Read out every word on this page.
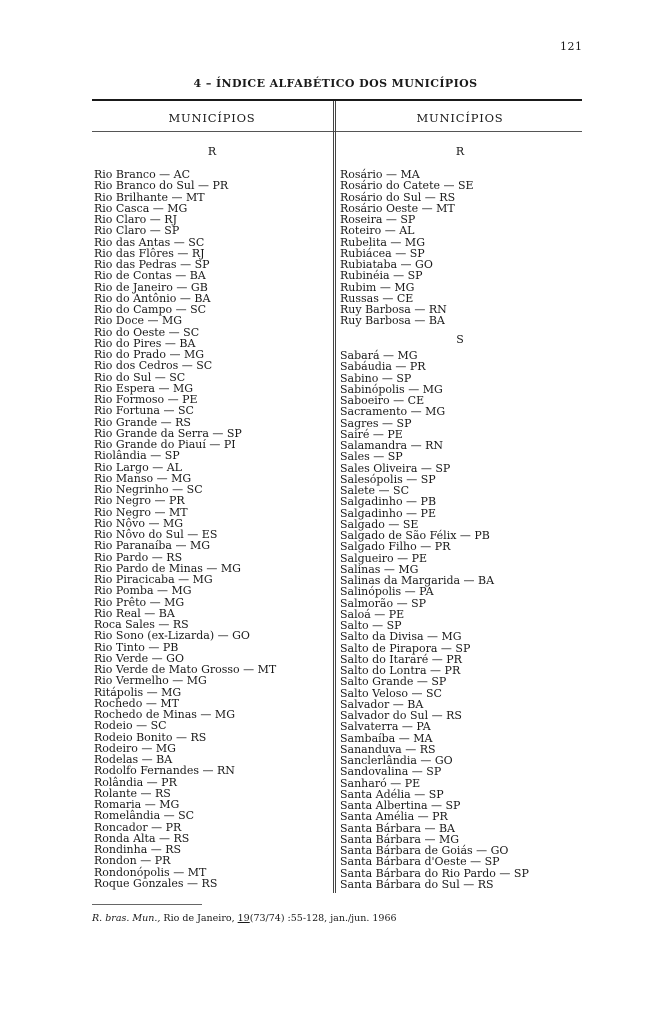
121
4 – ÍNDICE ALFABÉTICO DOS MUNICÍPIOS
MUNICÍPIOS	MUNICÍPIOS
R	R
S
Rio Branco — AC
Rio Branco do Sul — PR
Rio Brilhante — MT
Rio Casca — MG
Rio Claro — RJ
Rio Claro — SP
Rio das Antas — SC
Rio das Flôres — RJ
Rio das Pedras — SP
Rio de Contas — BA
Rio de Janeiro — GB
Rio do Antônio — BA
Rio do Campo — SC
Rio Doce — MG
Rio do Oeste — SC
Rio do Pires — BA
Rio do Prado — MG
Rio dos Cedros — SC
Rio do Sul — SC
Rio Espera — MG
Rio Formoso — PE
Rio Fortuna — SC
Rio Grande — RS
Rio Grande da Serra — SP
Rio Grande do Piauí — PI
Riolândia — SP
Rio Largo — AL
Rio Manso — MG
Rio Negrinho — SC
Rio Negro — PR
Rio Negro — MT
Rio Nôvo — MG
Rio Nôvo do Sul — ES
Rio Paranaíba — MG
Rio Pardo — RS
Rio Pardo de Minas — MG
Rio Piracicaba — MG
Rio Pomba — MG
Rio Prêto — MG
Rio Real — BA
Roca Sales — RS
Rio Sono (ex-Lizarda) — GO
Rio Tinto — PB
Rio Verde — GO
Rio Verde de Mato Grosso — MT
Rio Vermelho — MG
Ritápolis — MG
Rochedo — MT
Rochedo de Minas — MG
Rodeio — SC
Rodeio Bonito — RS
Rodeiro — MG
Rodelas — BA
Rodolfo Fernandes — RN
Rolândia — PR
Rolante — RS
Romaria — MG
Romelândia — SC
Roncador — PR
Ronda Alta — RS
Rondinha — RS
Rondon — PR
Rondonópolis — MT
Roque Gonzales — RS
Rosário — MA
Rosário do Catete — SE
Rosário do Sul — RS
Rosário Oeste — MT
Roseira — SP
Roteiro — AL
Rubelita — MG
Rubiácea — SP
Rubiataba — GO
Rubinéia — SP
Rubim — MG
Russas — CE
Ruy Barbosa — RN
Ruy Barbosa — BA
Sabará — MG
Sabáudia — PR
Sabino — SP
Sabinópolis — MG
Saboeiro — CE
Sacramento — MG
Sagres — SP
Sairé — PE
Salamandra — RN
Sales — SP
Sales Oliveira — SP
Salesópolis — SP
Salete — SC
Salgadinho — PB
Salgadinho — PE
Salgado — SE
Salgado de São Félix — PB
Salgado Filho — PR
Salgueiro — PE
Salinas — MG
Salinas da Margarida — BA
Salinópolis — PA
Salmorão — SP
Saloá — PE
Salto — SP
Salto da Divisa — MG
Salto de Pirapora — SP
Salto do Itararé — PR
Salto do Lontra — PR
Salto Grande — SP
Salto Veloso — SC
Salvador — BA
Salvador do Sul — RS
Salvaterra — PA
Sambaíba — MA
Sananduva — RS
Sanclerlândia — GO
Sandovalina — SP
Sanharó — PE
Santa Adélia — SP
Santa Albertina — SP
Santa Amélia — PR
Santa Bárbara — BA
Santa Bárbara — MG
Santa Bárbara de Goiás — GO
Santa Bárbara d'Oeste — SP
Santa Bárbara do Rio Pardo — SP
Santa Bárbara do Sul — RS
R. bras. Mun., Rio de Janeiro, 19(73/74) :55-128, jan./jun. 1966
